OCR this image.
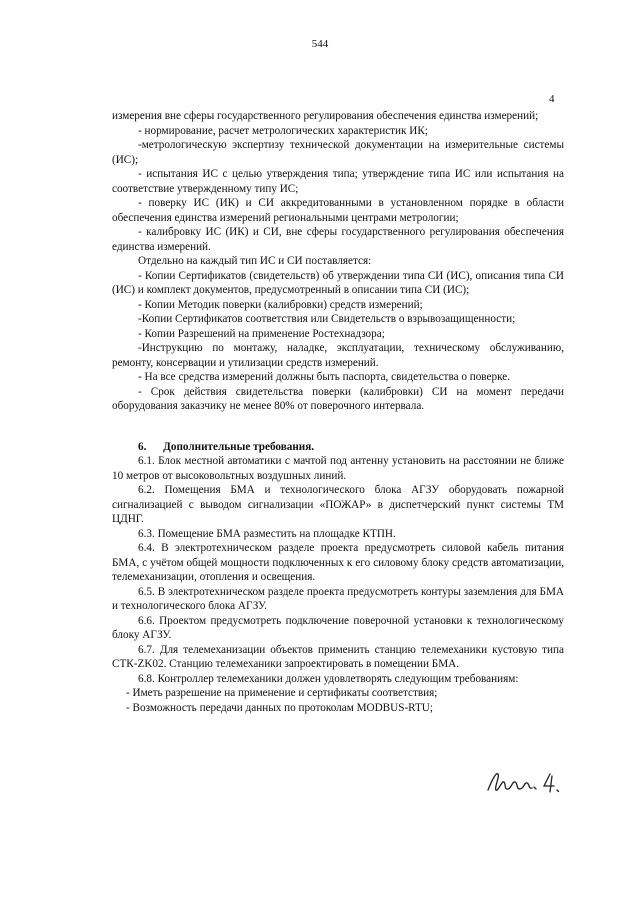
544
4

измерения вне сферы государственного регулирования обеспечения единства измерений;

- нормирование, расчет метрологических характеристик ИК;

-метрологическую экспертизу технической документации на измерительные системы (ИС);

- испытания ИС с целью утверждения типа; утверждение типа ИС или испытания на соответствие утвержденному типу ИС;

- поверку ИС (ИК) и СИ аккредитованными в установленном порядке в области обеспечения единства измерений региональными центрами метрологии;

- калибровку ИС (ИК) и СИ, вне сферы государственного регулирования обеспечения единства измерений.

Отдельно на каждый тип ИС и СИ поставляется:

- Копии Сертификатов (свидетельств) об утверждении типа СИ (ИС), описания типа СИ (ИС) и комплект документов, предусмотренный в описании типа СИ (ИС);

- Копии Методик поверки (калибровки) средств измерений;

-Копии Сертификатов соответствия или Свидетельств о взрывозащищенности;

- Копии Разрешений на применение Ростехнадзора;

-Инструкцию по монтажу, наладке, эксплуатации, техническому обслуживанию, ремонту, консервации и утилизации средств измерений.

- На все средства измерений должны быть паспорта, свидетельства о поверке.

- Срок действия свидетельства поверки (калибровки) СИ на момент передачи оборудования заказчику не менее 80% от поверочного интервала.

6.      Дополнительные требования.

6.1. Блок местной автоматики с мачтой под антенну установить на расстоянии не ближе 10 метров от высоковольтных воздушных линий.

6.2. Помещения БМА и технологического блока АГЗУ оборудовать пожарной сигнализацией с выводом сигнализации «ПОЖАР» в диспетчерский пункт системы ТМ ЦДНГ.

6.3. Помещение БМА разместить на площадке КТПН.

6.4. В электротехническом разделе проекта предусмотреть силовой кабель питания БМА, с учётом общей мощности подключенных к его силовому блоку средств автоматизации, телемеханизации, отопления и освещения.

6.5. В электротехническом разделе проекта предусмотреть контуры заземления для БМА и технологического блока АГЗУ.

6.6. Проектом предусмотреть подключение поверочной установки к технологическому блоку АГЗУ.

6.7. Для телемеханизации объектов применить станцию телемеханики кустовую типа СТК-ZK02. Станцию телемеханики запроектировать в помещении БМА.

6.8. Контроллер телемеханики должен удовлетворять следующим требованиям:

- Иметь разрешение на применение и сертификаты соответствия;

- Возможность передачи данных по протоколам MODBUS-RTU;
